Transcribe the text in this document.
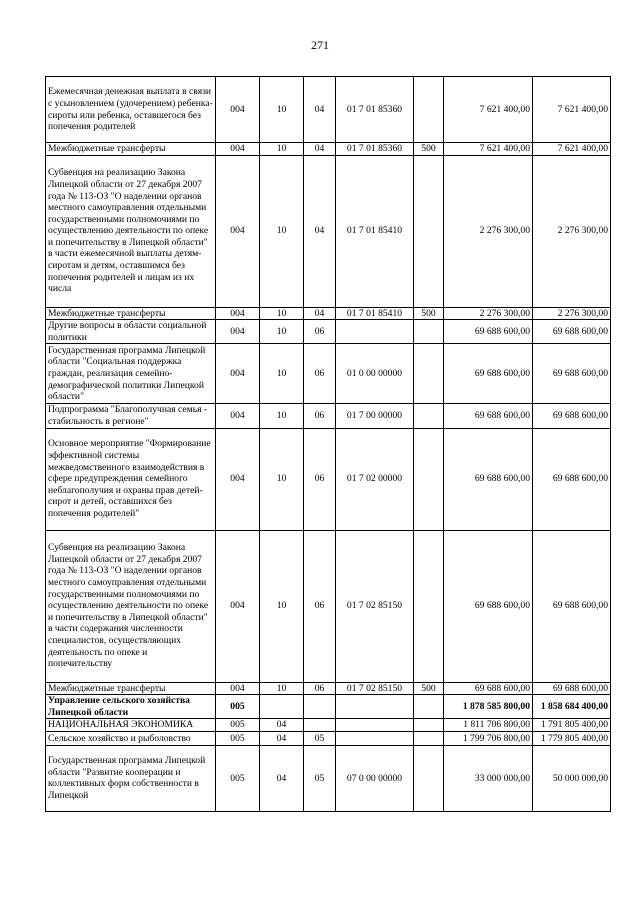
271
Ежемесячная денежная выплата в связи с усыновлением (удочерением) ребенка-сироты или ребенка, оставшегося без попечения родителей	004	10	04	01 7 01 85360		7 621 400,00	7 621 400,00
Межбюджетные трансферты	004	10	04	01 7 01 85360	500	7 621 400,00	7 621 400,00
Субвенция на реализацию Закона Липецкой области от 27 декабря 2007 года № 113-ОЗ "О наделении органов местного самоуправления отдельными государственными полномочиями по осуществлению деятельности по опеке и попечительству в Липецкой области" в части ежемесячной выплаты детям-сиротам и детям, оставшимся без попечения родителей и лицам из их числа	004	10	04	01 7 01 85410		2 276 300,00	2 276 300,00
Межбюджетные трансферты	004	10	04	01 7 01 85410	500	2 276 300,00	2 276 300,00
Другие вопросы в области социальной политики	004	10	06			69 688 600,00	69 688 600,00
Государственная программа Липецкой области "Социальная поддержка граждан, реализация семейно-демографической политики Липецкой области"	004	10	06	01 0 00 00000		69 688 600,00	69 688 600,00
Подпрограмма "Благополучная семья - стабильность в регионе"	004	10	06	01 7 00 00000		69 688 600,00	69 688 600,00
Основное мероприятие "Формирование эффективной системы межведомственного взаимодействия в сфере предупреждения семейного неблагополучия и охраны прав детей-сирот и детей, оставшихся без попечения родителей"	004	10	06	01 7 02 00000		69 688 600,00	69 688 600,00
Субвенция на реализацию Закона Липецкой области от 27 декабря 2007 года № 113-ОЗ "О наделении органов местного самоуправления отдельными государственными полномочиями по осуществлению деятельности по опеке и попечительству в Липецкой области" в части содержания численности специалистов, осуществляющих деятельность по опеке и попечительству	004	10	06	01 7 02 85150		69 688 600,00	69 688 600,00
Межбюджетные трансферты	004	10	06	01 7 02 85150	500	69 688 600,00	69 688 600,00
Управление сельского хозяйства Липецкой области	005					1 878 585 800,00	1 858 684 400,00
НАЦИОНАЛЬНАЯ ЭКОНОМИКА	005	04				1 811 706 800,00	1 791 805 400,00
Сельское хозяйство и рыболовство	005	04	05			1 799 706 800,00	1 779 805 400,00
Государственная программа Липецкой области "Развитие кооперации и коллективных форм собственности в Липецкой	005	04	05	07 0 00 00000		33 000 000,00	50 000 000,00
